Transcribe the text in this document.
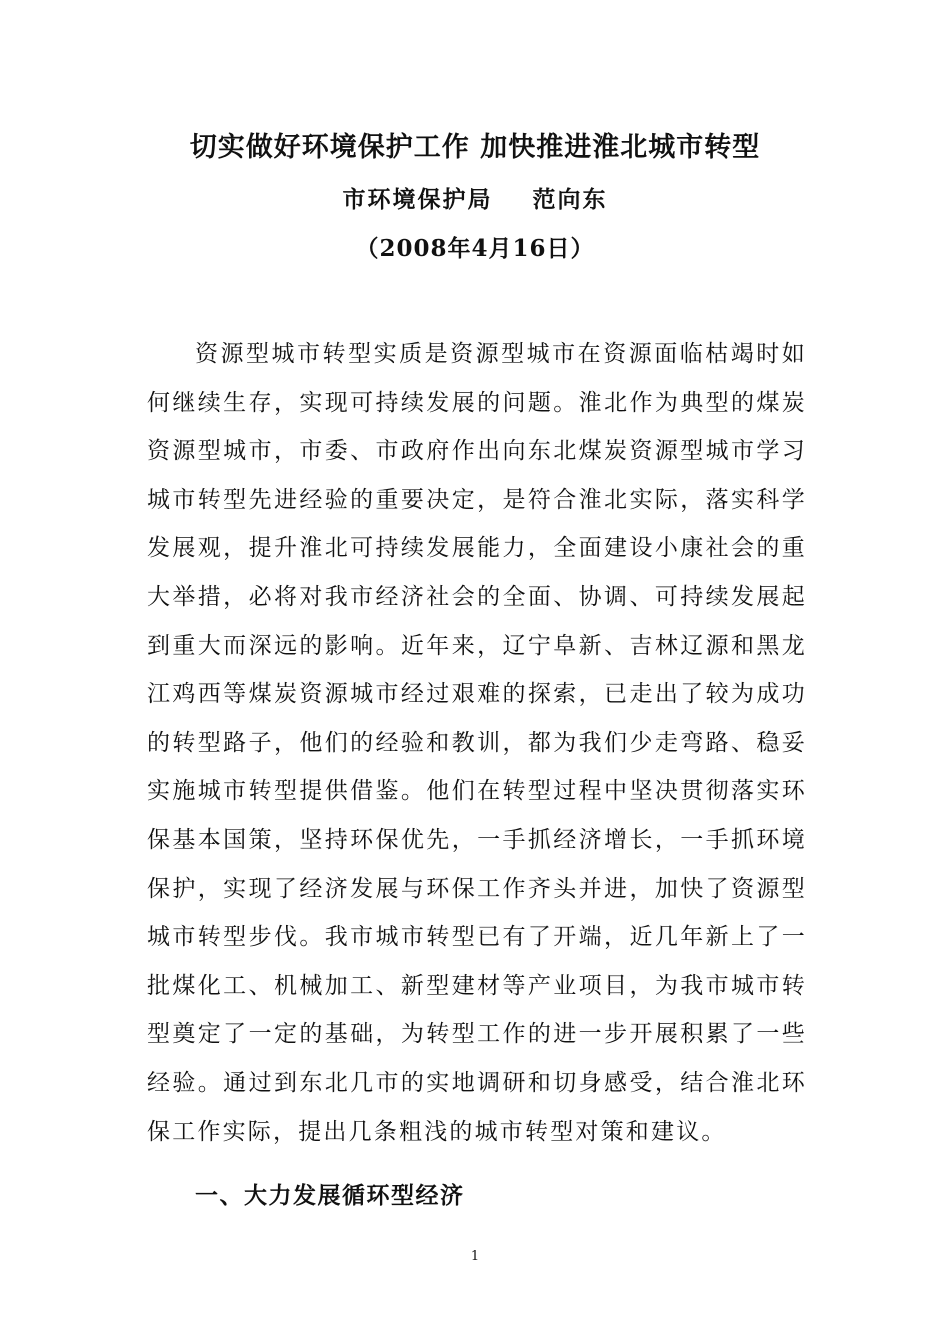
切实做好环境保护工作 加快推进淮北城市转型
市环境保护局    范向东
（2008年4月16日）

资源型城市转型实质是资源型城市在资源面临枯竭时如何继续生存，实现可持续发展的问题。淮北作为典型的煤炭资源型城市，市委、市政府作出向东北煤炭资源型城市学习城市转型先进经验的重要决定，是符合淮北实际，落实科学发展观，提升淮北可持续发展能力，全面建设小康社会的重大举措，必将对我市经济社会的全面、协调、可持续发展起到重大而深远的影响。近年来，辽宁阜新、吉林辽源和黑龙江鸡西等煤炭资源城市经过艰难的探索，已走出了较为成功的转型路子，他们的经验和教训，都为我们少走弯路、稳妥实施城市转型提供借鉴。他们在转型过程中坚决贯彻落实环保基本国策，坚持环保优先，一手抓经济增长，一手抓环境保护，实现了经济发展与环保工作齐头并进，加快了资源型城市转型步伐。我市城市转型已有了开端，近几年新上了一批煤化工、机械加工、新型建材等产业项目，为我市城市转型奠定了一定的基础，为转型工作的进一步开展积累了一些经验。通过到东北几市的实地调研和切身感受，结合淮北环保工作实际，提出几条粗浅的城市转型对策和建议。

一、大力发展循环型经济
1
